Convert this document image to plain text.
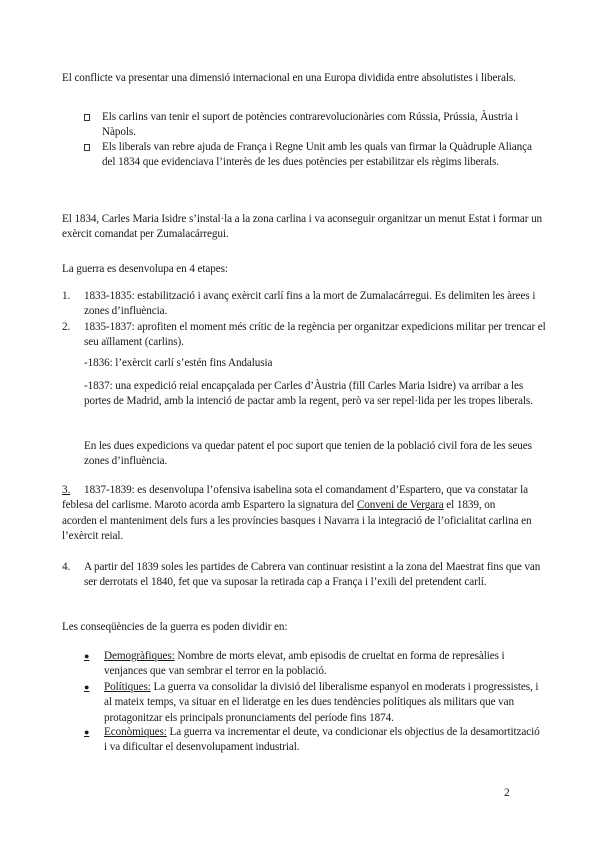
El conflicte va presentar una dimensió internacional en una Europa dividida entre absolutistes i liberals.

Els carlins van tenir el suport de potències contrarevolucionàries com Rússia, Prússia, Àustria i Nàpols.
Els liberals van rebre ajuda de França i Regne Unit amb les quals van firmar la Quàdruple Aliança del 1834 que evidenciava l’interès de les dues potències per estabilitzar els règims liberals.

El 1834, Carles Maria Isidre s’instal·la a la zona carlina i va aconseguir organitzar un menut Estat i formar un exèrcit comandat per Zumalacárregui.

La guerra es desenvolupa en 4 etapes:

1.	1833-1835: estabilització i avanç exèrcit carlí fins a la mort de Zumalacárregui. Es delimiten les àrees i zones d’influència.
2.	1835-1837: aprofiten el moment més crític de la regència per organitzar expedicions militar per trencar el seu aïllament (carlins).

-1836: l’exèrcit carlí s’estén fins Andalusia

-1837: una expedició reial encapçalada per Carles d’Àustria (fill Carles Maria Isidre) va arribar a les portes de Madrid, amb la intenció de pactar amb la regent, però va ser repel·lida per les tropes liberals.

En les dues expedicions va quedar patent el poc suport que tenien de la població civil fora de les seues zones d’influència.

3. 1837-1839: es desenvolupa l’ofensiva isabelina sota el comandament d’Espartero, que va constatar la feblesa del carlisme. Maroto acorda amb Espartero la signatura del Conveni de Vergara el 1839, on acorden el manteniment dels furs a les províncies basques i Navarra i la integració de l’oficialitat carlina en l’exèrcit reial.

4.	A partir del 1839 soles les partides de Cabrera van continuar resistint a la zona del Maestrat fins que van ser derrotats el 1840, fet que va suposar la retirada cap a França i l’exili del pretendent carlí.

Les conseqüències de la guerra es poden dividir en:

●	Demogràfiques: Nombre de morts elevat, amb episodis de crueltat en forma de represàlies i venjances que van sembrar el terror en la població.
●	Polítiques: La guerra va consolidar la divisió del liberalisme espanyol en moderats i progressistes, i al mateix temps, va situar en el lideratge en les dues tendències polítiques als militars que van protagonitzar els principals pronunciaments del període fins 1874.
●	Econòmiques: La guerra va incrementar el deute, va condicionar els objectius de la desamortització i va dificultar el desenvolupament industrial.
2
